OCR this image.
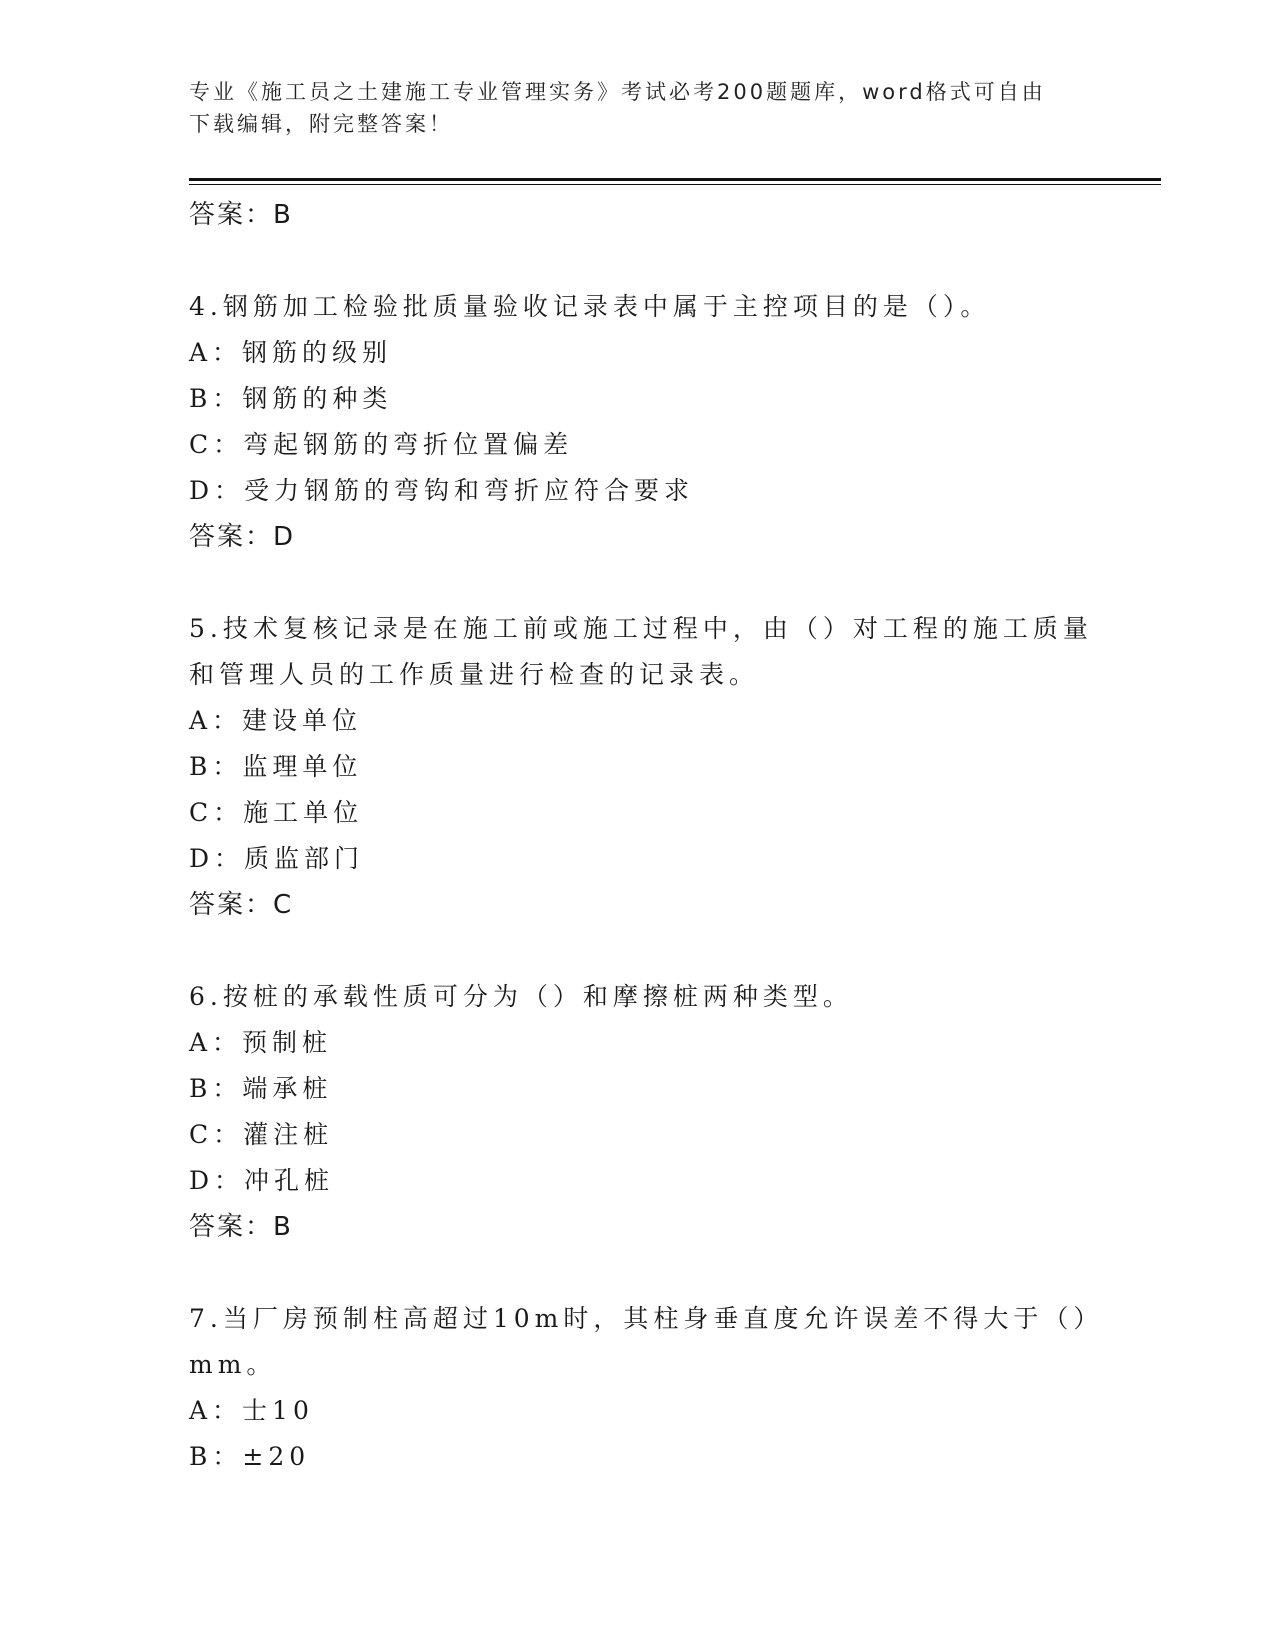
专业《施工员之土建施工专业管理实务》考试必考200题题库，word格式可自由
下载编辑，附完整答案！
答案：B
4.钢筋加工检验批质量验收记录表中属于主控项目的是（）。
A：钢筋的级别
B：钢筋的种类
C：弯起钢筋的弯折位置偏差
D：受力钢筋的弯钩和弯折应符合要求
答案：D
5.技术复核记录是在施工前或施工过程中，由（）对工程的施工质量
和管理人员的工作质量进行检查的记录表。
A：建设单位
B：监理单位
C：施工单位
D：质监部门
答案：C
6.按桩的承载性质可分为（）和摩擦桩两种类型。
A：预制桩
B：端承桩
C：灌注桩
D：冲孔桩
答案：B
7.当厂房预制柱高超过10m时，其柱身垂直度允许误差不得大于（）
mm。
A：士10
B：±20
